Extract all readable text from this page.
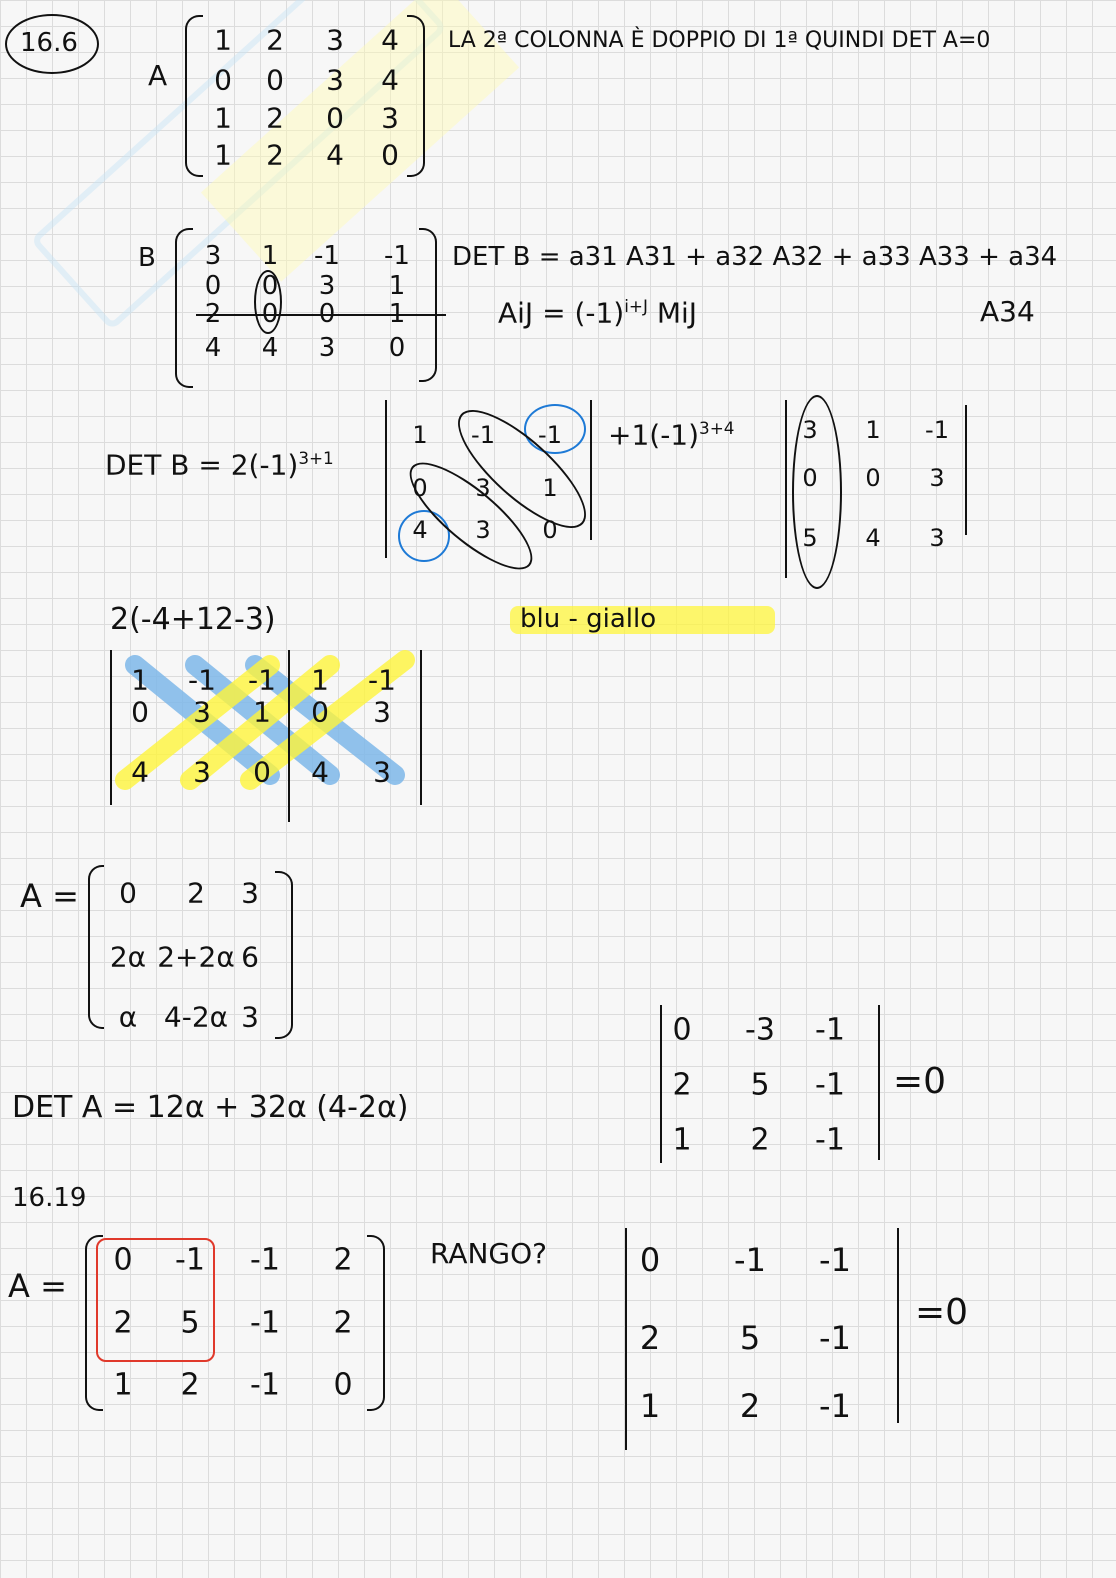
16.6
A
1 2 3 4
0 0 3 4
1 2 0 3
1 2 4 0
LA 2ª COLONNA È DOPPIO DI 1ª QUINDI DET A=0
B 3 1 -1 -1
0 0 3 1
2 0 0 1
4 4 3 0
DET B = a31 A31 + a32 A32 + a33 A33 + a34
AiJ = $(-1)^{i+J}$ MiJ	A34
DET $B = 2(-1)^{3+1}$
1 -1 -1
0 3 1
4 3 0
$+1(-1)^{3+4}$	3 1 -1
0 0 3
5 4 3
2(-4+12-3)	blu - giallo
1 -1 -1 1 -1
0 3 1 0 3
4 3 0 4 3
A = 0 2 3
2α 2+2α 6
α 4-2α 3
DET A = 12α + 32α (4-2α)
0 -3 -1
2 5 -1
1 2 -1
=0
16.19
A =
0 -1 -1 2
2 5 -1 2
1 2 -1 0
RANGO?	0 -1 -1
2 5 -1
1 2 -1
=0
